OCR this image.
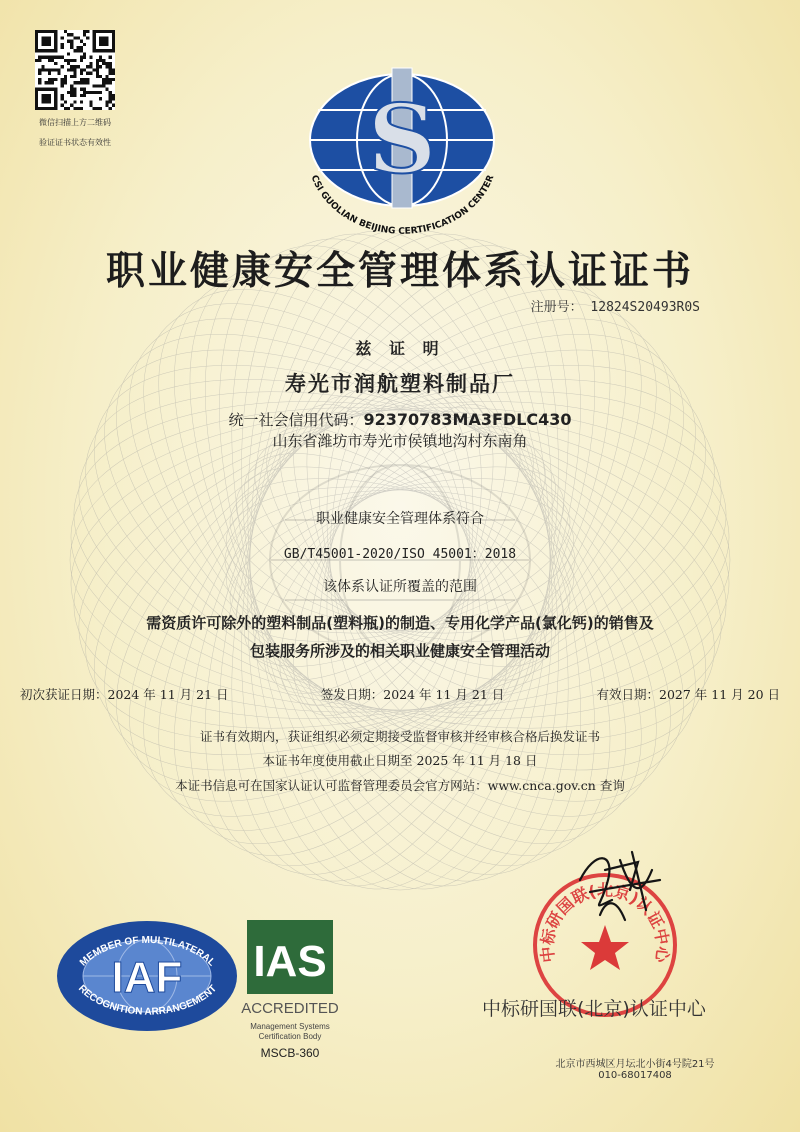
微信扫描上方二维码
验证证书状态有效性	S
CSI GUOLIAN BEIJING CERTIFICATION CENTER
职业健康安全管理体系认证证书
注册号： 12824S20493R0S
兹 证 明
寿光市润航塑料制品厂
统一社会信用代码：92370783MA3FDLC430
山东省潍坊市寿光市侯镇地沟村东南角
职业健康安全管理体系符合
GB/T45001-2020/ISO 45001：2018
该体系认证所覆盖的范围
需资质许可除外的塑料制品(塑料瓶)的制造、专用化学产品(氯化钙)的销售及
包装服务所涉及的相关职业健康安全管理活动
初次获证日期：2024 年 11 月 21 日	签发日期：2024 年 11 月 21 日	有效日期：2027 年 11 月 20 日
证书有效期内，获证组织必须定期接受监督审核并经审核合格后换发证书
本证书年度使用截止日期至 2025 年 11 月 18 日
本证书信息可在国家认证认可监督管理委员会官方网站：www.cnca.gov.cn 查询
IAF
MEMBER OF MULTILATERAL
RECOGNITION ARRANGEMENT
IAS
ACCREDITED
Management Systems
Certification Body
MSCB-360
中标研国联(北京)认证中心
中标研国联(北京)认证中心
北京市西城区月坛北小街4号院21号
010-68017408
